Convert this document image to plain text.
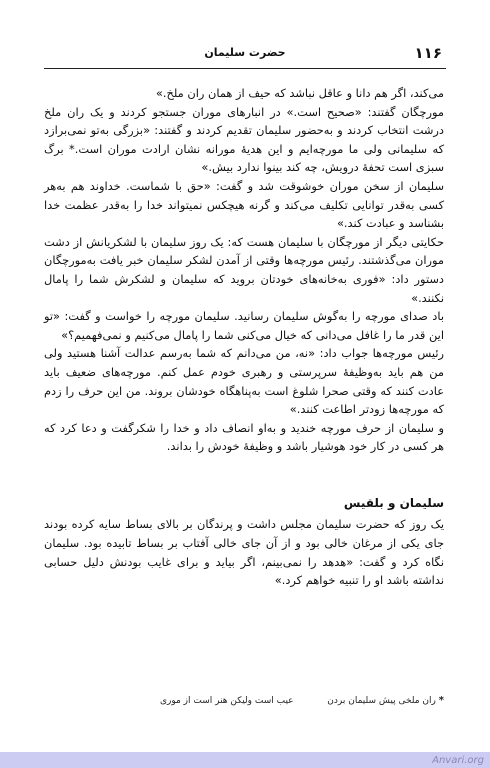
۱۱۶
حضرت سلیمان

می‌کند، اگر هم دانا و عاقل نباشد که حیف از همان ران ملخ.»

مورچگان گفتند: «صحیح است.» در انبارهای موران جستجو کردند و یک ران ملخ درشت انتخاب کردند و به‌حضور سلیمان تقدیم کردند و گفتند: «بزرگی به‌تو نمی‌برازد که سلیمانی ولی ما مورچه‌ایم و این هدیهٔ مورانه نشان ارادت موران است.* برگ سبزی است تحفهٔ درویش، چه کند بینوا ندارد بیش.»

سلیمان از سخن موران خوشوقت شد و گفت: «حق با شماست. خداوند هم به‌هر کسی به‌قدر توانایی تکلیف می‌کند و گرنه هیچکس نمیتواند خدا را به‌قدر عظمت خدا بشناسد و عبادت کند.»

حکایتی دیگر از مورچگان با سلیمان هست که: یک روز سلیمان با لشکریانش از دشت موران می‌گذشتند. رئیس مورچه‌ها وقتی از آمدن لشکر سلیمان خبر یافت به‌مورچگان دستور داد: «فوری به‌خانه‌های خودتان بروید که سلیمان و لشکرش شما را پامال نکنند.»

باد صدای مورچه را به‌گوش سلیمان رسانید. سلیمان مورچه را خواست و گفت: «تو این قدر ما را غافل می‌دانی که خیال می‌کنی شما را پامال می‌کنیم و نمی‌فهمیم؟»

رئیس مورچه‌ها جواب داد: «نه، من می‌دانم که شما به‌رسم عدالت آشنا هستید ولی من هم باید به‌وظیفهٔ سرپرستی و رهبری خودم عمل کنم. مورچه‌های ضعیف باید عادت کنند که وقتی صحرا شلوغ است به‌پناهگاه خودشان بروند. من این حرف را زدم که مورچه‌ها زودتر اطاعت کنند.»

و سلیمان از حرف مورچه خندید و به‌او انصاف داد و خدا را شکرگفت و دعا کرد که هر کسی در کار خود هوشیار باشد و وظیفهٔ خودش را بداند.

سلیمان و بلقیس

یک روز که حضرت سلیمان مجلس داشت و پرندگان بر بالای بساط سایه کرده بودند جای یکی از مرغان خالی بود و از آن جای خالی آفتاب بر بساط تابیده بود. سلیمان نگاه کرد و گفت: «هدهد را نمی‌بینم، اگر بیاید و برای غایب بودنش دلیل حسابی نداشته باشد او را تنبیه خواهم کرد.»

* ران ملخی پیش سلیمان بردن  عیب است ولیکن هنر است از موری
Anvari.org
